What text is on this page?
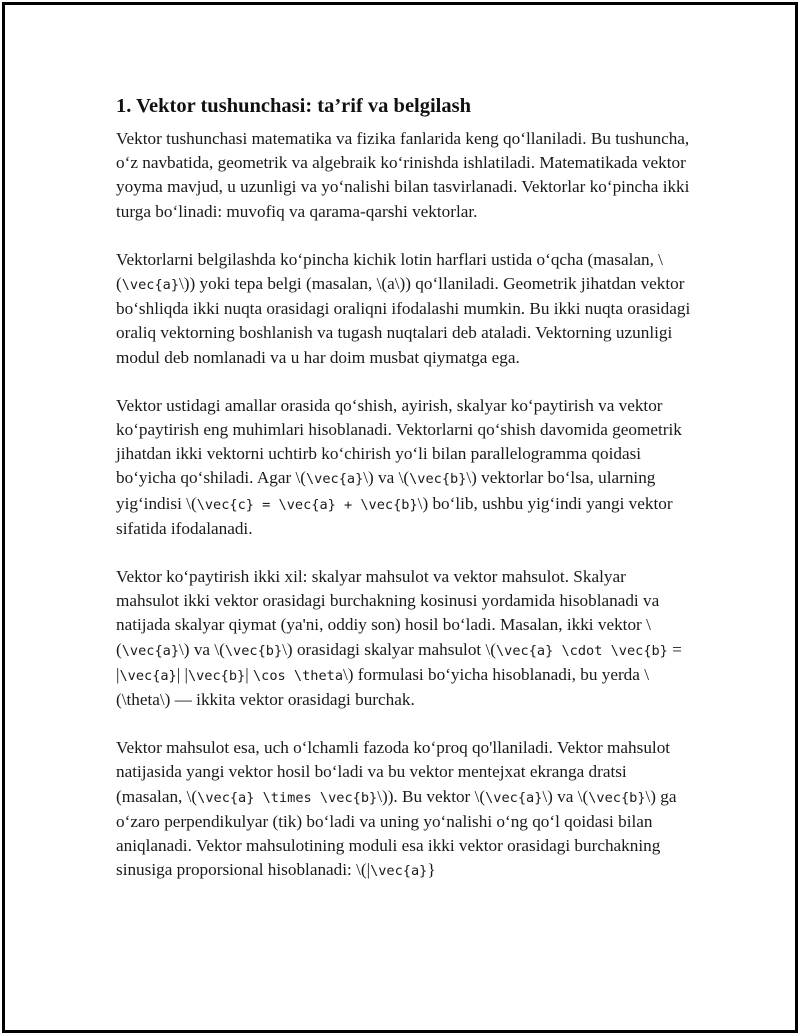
1. Vektor tushunchasi: ta’rif va belgilash

Vektor tushunchasi matematika va fizika fanlarida keng qo‘llaniladi. Bu tushuncha, o‘z navbatida, geometrik va algebraik ko‘rinishda ishlatiladi. Matematikada vektor yoyma mavjud, u uzunligi va yo‘nalishi bilan tasvirlanadi. Vektorlar ko‘pincha ikki turga bo‘linadi: muvofiq va qarama-qarshi vektorlar.

Vektorlarni belgilashda ko‘pincha kichik lotin harflari ustida o‘qcha (masalan, \(\vec{a}\)) yoki tepa belgi (masalan, \(a\)) qo‘llaniladi. Geometrik jihatdan vektor bo‘shliqda ikki nuqta orasidagi oraliqni ifodalashi mumkin. Bu ikki nuqta orasidagi oraliq vektorning boshlanish va tugash nuqtalari deb ataladi. Vektorning uzunligi modul deb nomlanadi va u har doim musbat qiymatga ega.

Vektor ustidagi amallar orasida qo‘shish, ayirish, skalyar ko‘paytirish va vektor ko‘paytirish eng muhimlari hisoblanadi. Vektorlarni qo‘shish davomida geometrik jihatdan ikki vektorni uchtirb ko‘chirish yo‘li bilan parallelogramma qoidasi bo‘yicha qo‘shiladi. Agar \(\vec{a}\) va \(\vec{b}\) vektorlar bo‘lsa, ularning yig‘indisi \(\vec{c} = \vec{a} + \vec{b}\) bo‘lib, ushbu yig‘indi yangi vektor sifatida ifodalanadi.

Vektor ko‘paytirish ikki xil: skalyar mahsulot va vektor mahsulot. Skalyar mahsulot ikki vektor orasidagi burchakning kosinusi yordamida hisoblanadi va natijada skalyar qiymat (ya'ni, oddiy son) hosil bo‘ladi. Masalan, ikki vektor \(\vec{a}\) va \(\vec{b}\) orasidagi skalyar mahsulot \(\vec{a} \cdot \vec{b} = |\vec{a}| |\vec{b}| \cos \theta\) formulasi bo‘yicha hisoblanadi, bu yerda \(\theta\) — ikkita vektor orasidagi burchak.

Vektor mahsulot esa, uch o‘lchamli fazoda ko‘proq qo'llaniladi. Vektor mahsulot natijasida yangi vektor hosil bo‘ladi va bu vektor mentejxat ekranga dratsi (masalan, \(\vec{a} \times \vec{b}\)). Bu vektor \(\vec{a}\) va \(\vec{b}\) ga o‘zaro perpendikulyar (tik) bo‘ladi va uning yo‘nalishi o‘ng qo‘l qoidasi bilan aniqlanadi. Vektor mahsulotining moduli esa ikki vektor orasidagi burchakning sinusiga proporsional hisoblanadi: \(|\vec{a}}
